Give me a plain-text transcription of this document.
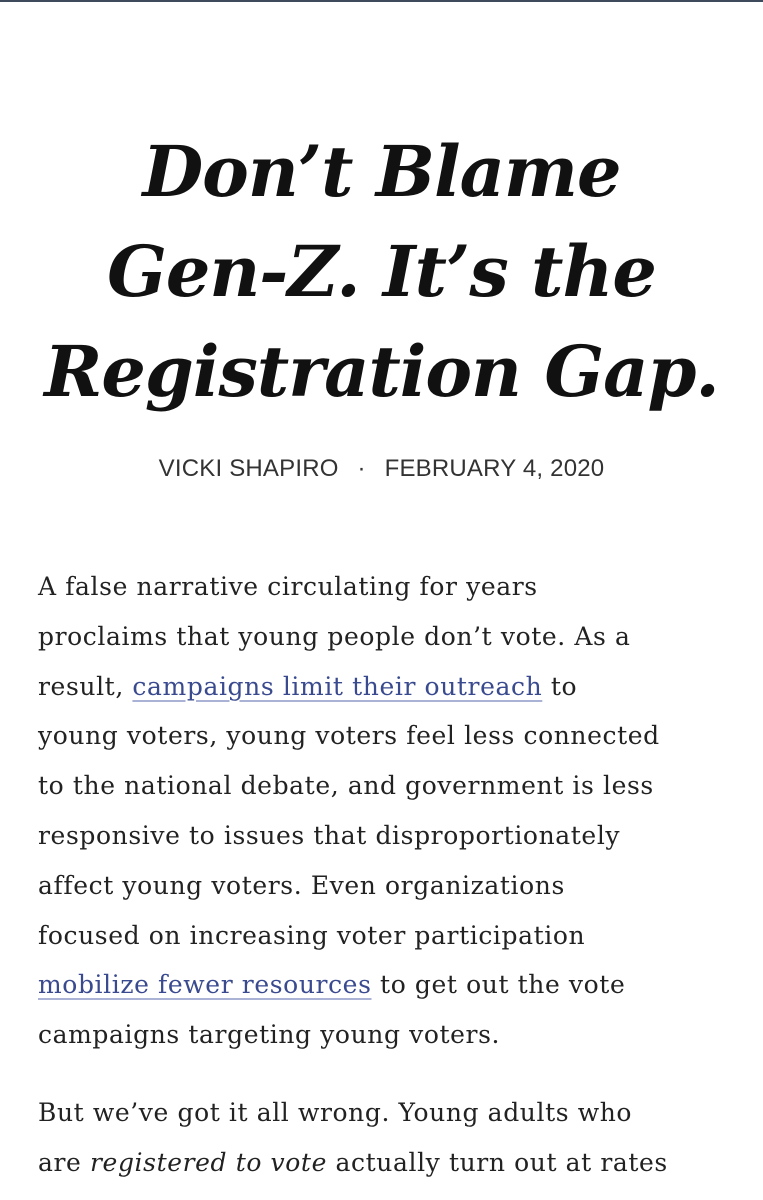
Don’t Blame
Gen-Z. It’s the
Registration Gap.
VICKI SHAPIRO · FEBRUARY 4, 2020

A false narrative circulating for years
proclaims that young people don’t vote. As a
result, campaigns limit their outreach to
young voters, young voters feel less connected
to the national debate, and government is less
responsive to issues that disproportionately
affect young voters. Even organizations
focused on increasing voter participation
mobilize fewer resources to get out the vote
campaigns targeting young voters.

But we’ve got it all wrong. Young adults who
are registered to vote actually turn out at rates
